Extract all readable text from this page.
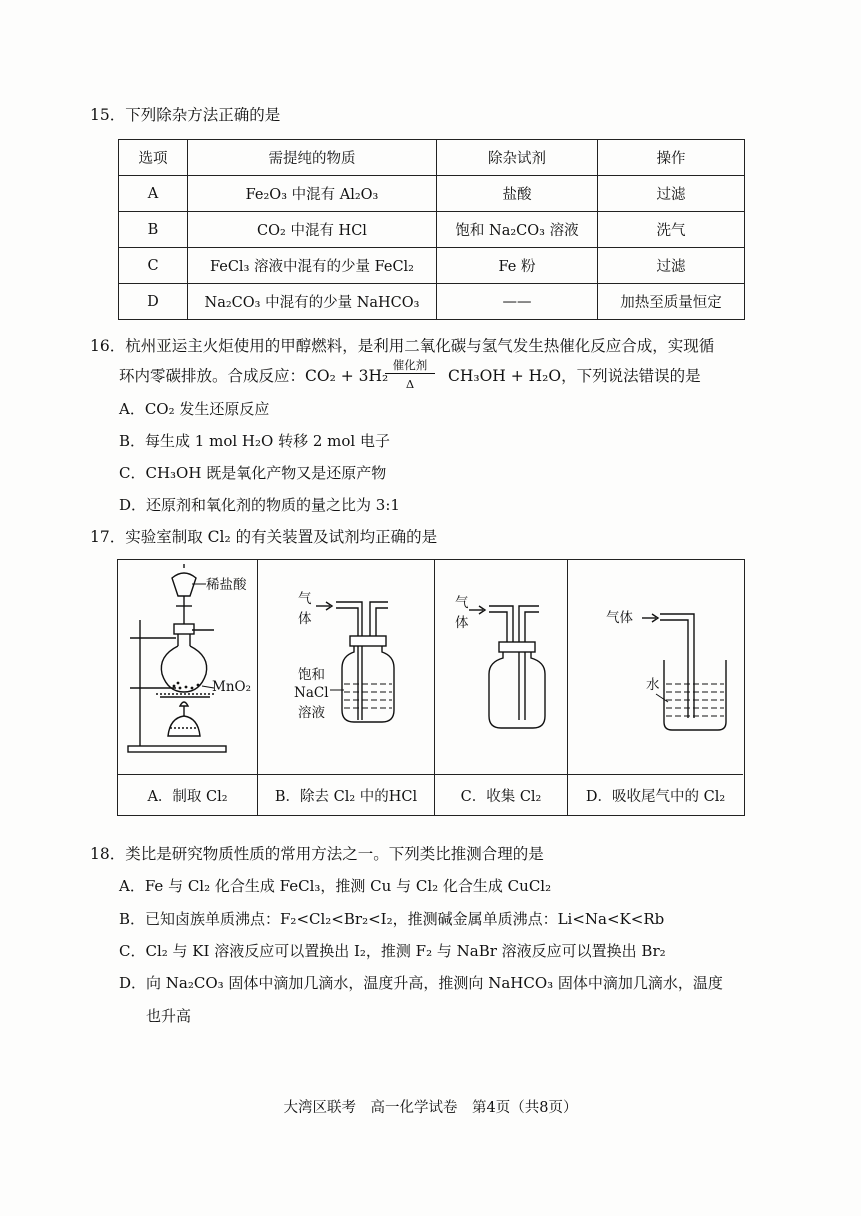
15．下列除杂方法正确的是
选项	需提纯的物质	除杂试剂	操作
A	Fe₂O₃ 中混有 Al₂O₃	盐酸	过滤
B	CO₂ 中混有 HCl	饱和 Na₂CO₃ 溶液	洗气
C	FeCl₃ 溶液中混有的少量 FeCl₂	Fe 粉	过滤
D	Na₂CO₃ 中混有的少量 NaHCO₃	——	加热至质量恒定
16．杭州亚运主火炬使用的甲醇燃料，是利用二氧化碳与氢气发生热催化反应合成，实现循
环内零碳排放。合成反应：CO₂ + 3H₂
催化剂
Δ	CH₃OH + H₂O，下列说法错误的是
A．CO₂ 发生还原反应
B．每生成 1 mol H₂O 转移 2 mol 电子
C．CH₃OH 既是氧化产物又是还原产物
D．还原剂和氧化剂的物质的量之比为 3:1
17．实验室制取 Cl₂ 的有关装置及试剂均正确的是
稀盐酸
MnO₂
A．制取 Cl₂
气
体
饱和
NaCl
溶液
B．除去 Cl₂ 中的HCl
气
体
C．收集 Cl₂
气体
水
D．吸收尾气中的 Cl₂
18．类比是研究物质性质的常用方法之一。下列类比推测合理的是
A．Fe 与 Cl₂ 化合生成 FeCl₃，推测 Cu 与 Cl₂ 化合生成 CuCl₂
B．已知卤族单质沸点：F₂<Cl₂<Br₂<I₂，推测碱金属单质沸点：Li<Na<K<Rb
C．Cl₂ 与 KI 溶液反应可以置换出 I₂，推测 F₂ 与 NaBr 溶液反应可以置换出 Br₂
D．向 Na₂CO₃ 固体中滴加几滴水，温度升高，推测向 NaHCO₃ 固体中滴加几滴水，温度
也升高
大湾区联考　高一化学试卷　第4页（共8页）
